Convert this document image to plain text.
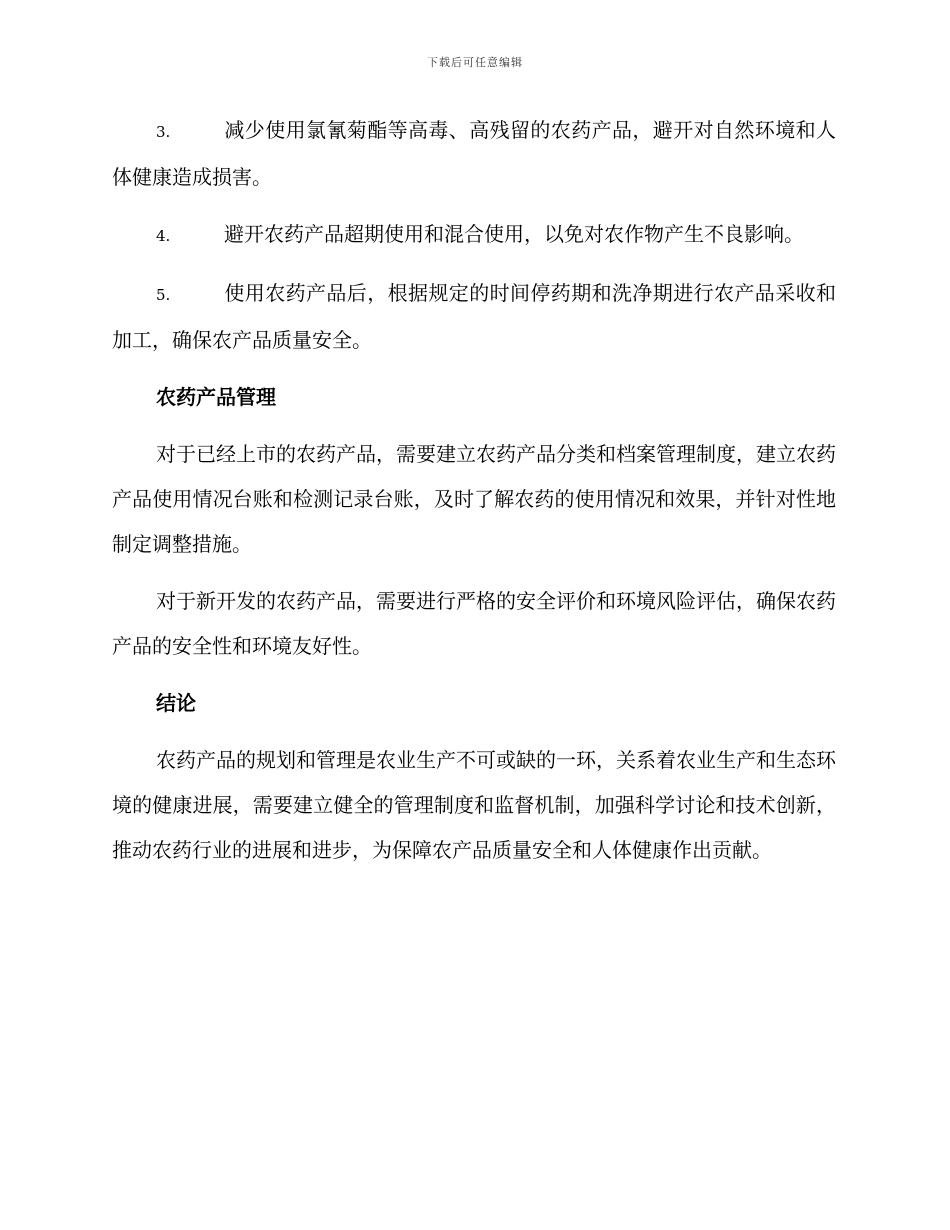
下载后可任意编辑

3.	减少使用氯氰菊酯等高毒、高残留的农药产品，避开对自然环境和人体健康造成损害。

4.	避开农药产品超期使用和混合使用，以免对农作物产生不良影响。

5.	使用农药产品后，根据规定的时间停药期和洗净期进行农产品采收和加工，确保农产品质量安全。

农药产品管理

对于已经上市的农药产品，需要建立农药产品分类和档案管理制度，建立农药产品使用情况台账和检测记录台账，及时了解农药的使用情况和效果，并针对性地制定调整措施。

对于新开发的农药产品，需要进行严格的安全评价和环境风险评估，确保农药产品的安全性和环境友好性。

结论

农药产品的规划和管理是农业生产不可或缺的一环，关系着农业生产和生态环境的健康进展，需要建立健全的管理制度和监督机制，加强科学讨论和技术创新，推动农药行业的进展和进步，为保障农产品质量安全和人体健康作出贡献。
